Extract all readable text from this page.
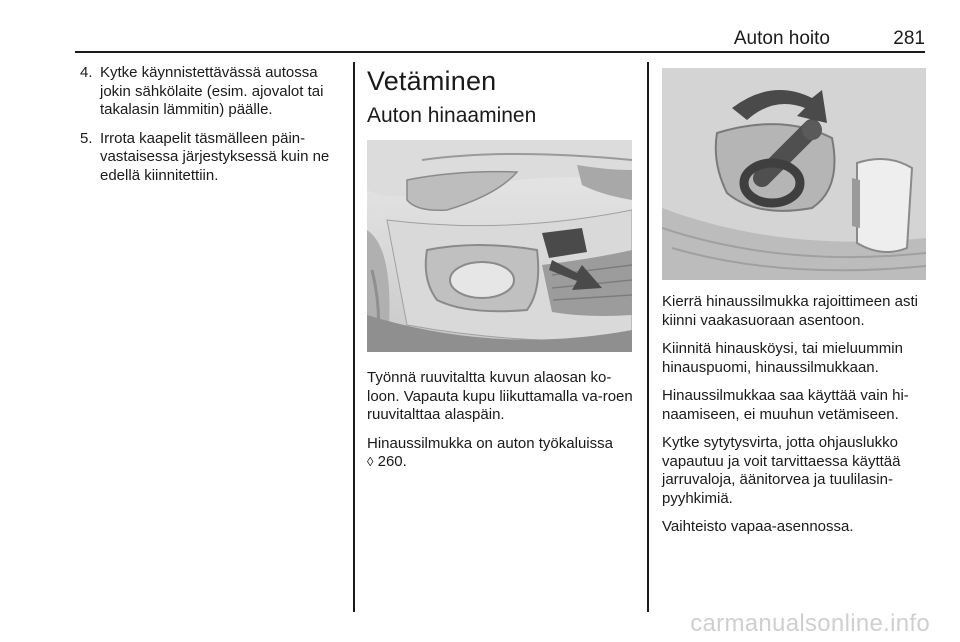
Auton hoito	281
4. Kytke käynnistettävässä autossa jokin sähkölaite (esim. ajovalot tai takalasin lämmitin) päälle.
5. Irrota kaapelit täsmälleen päin-vastaisessa järjestyksessä kuin ne edellä kiinnitettiin.
Vetäminen
Auton hinaaminen

Työnnä ruuvitaltta kuvun alaosan ko-loon. Vapauta kupu liikuttamalla va-roen ruuvitalttaa alaspäin.

Hinaussilmukka on auton työkaluissa
◊ 260.

Kierrä hinaussilmukka rajoittimeen asti kiinni vaakasuoraan asentoon.

Kiinnitä hinausköysi, tai mieluummin hinauspuomi, hinaussilmukkaan.

Hinaussilmukkaa saa käyttää vain hi-naamiseen, ei muuhun vetämiseen.

Kytke sytytysvirta, jotta ohjauslukko vapautuu ja voit tarvittaessa käyttää jarruvaloja, äänitorvea ja tuulilasin-pyyhkimiä.

Vaihteisto vapaa-asennossa.

carmanualsonline.info
